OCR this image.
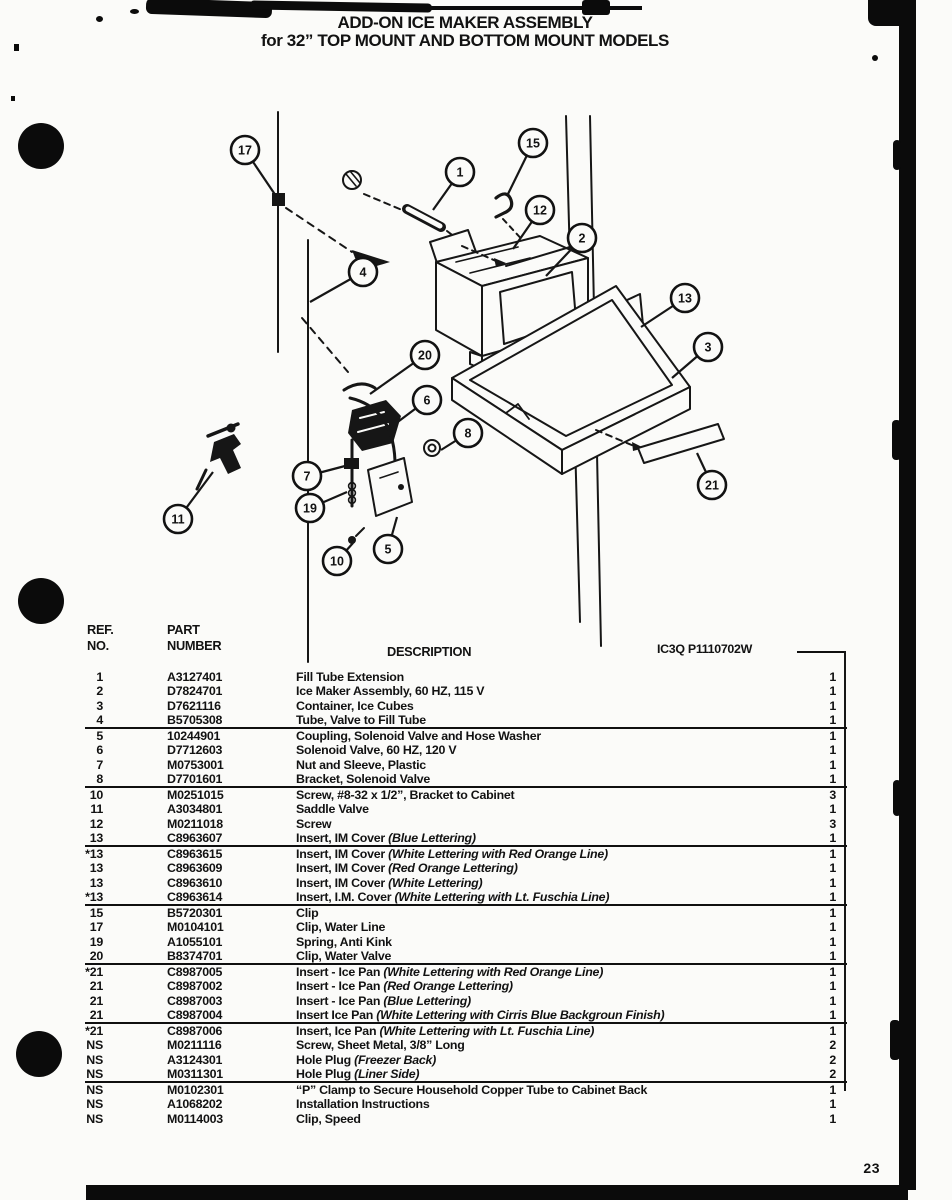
ADD-ON ICE MAKER ASSEMBLY
for 32” TOP MOUNT AND BOTTOM MOUNT MODELS
17
1
15
12
2
4
13
3
20
6
8
7
19
11
5
10
21
REF.
NO.
PART
NUMBER	DESCRIPTION	IC3Q P1110702W
1	A3127401	Fill Tube Extension	1
2	D7824701	Ice Maker Assembly, 60 HZ, 115 V	1
3	D7621116	Container, Ice Cubes	1
4	B5705308	Tube, Valve to Fill Tube	1
5	10244901	Coupling, Solenoid Valve and Hose Washer	1
6	D7712603	Solenoid Valve, 60 HZ, 120 V	1
7	M0753001	Nut and Sleeve, Plastic	1
8	D7701601	Bracket, Solenoid Valve	1
10	M0251015	Screw, #8-32 x 1/2”, Bracket to Cabinet	3
11	A3034801	Saddle Valve	1
12	M0211018	Screw	3
13	C8963607	Insert, IM Cover (Blue Lettering)	1
*13	C8963615	Insert, IM Cover (White Lettering with Red Orange Line)	1
13	C8963609	Insert, IM Cover (Red Orange Lettering)	1
13	C8963610	Insert, IM Cover (White Lettering)	1
*13	C8963614	Insert, I.M. Cover (White Lettering with Lt. Fuschia Line)	1
15	B5720301	Clip	1
17	M0104101	Clip, Water Line	1
19	A1055101	Spring, Anti Kink	1
20	B8374701	Clip, Water Valve	1
*21	C8987005	Insert - Ice Pan (White Lettering with Red Orange Line)	1
21	C8987002	Insert - Ice Pan (Red Orange Lettering)	1
21	C8987003	Insert - Ice Pan (Blue Lettering)	1
21	C8987004	Insert Ice Pan (White Lettering with Cirris Blue Backgroun Finish)	1
*21	C8987006	Insert, Ice Pan (White Lettering with Lt. Fuschia Line)	1
NS	M0211116	Screw, Sheet Metal, 3/8” Long	2
NS	A3124301	Hole Plug (Freezer Back)	2
NS	M0311301	Hole Plug (Liner Side)	2
NS	M0102301	“P” Clamp to Secure Household Copper Tube to Cabinet Back	1
NS	A1068202	Installation Instructions	1
NS	M0114003	Clip, Speed	1
23
